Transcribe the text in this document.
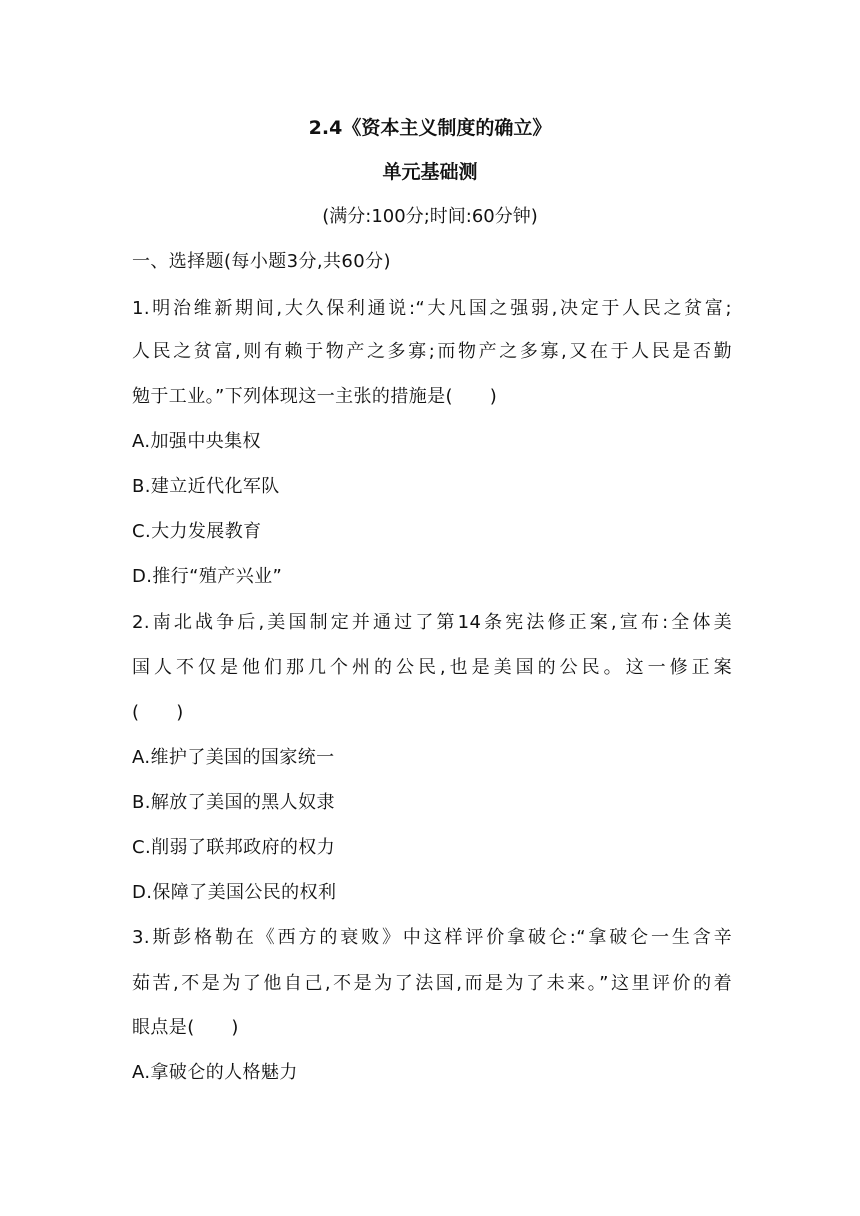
2.4《资本主义制度的确立》
单元基础测
(满分:100分;时间:60分钟)
一、选择题(每小题3分,共60分)
1.明治维新期间,大久保利通说:“大凡国之强弱,决定于人民之贫富;
人民之贫富,则有赖于物产之多寡;而物产之多寡,又在于人民是否勤
勉于工业。”下列体现这一主张的措施是(　　)
A.加强中央集权
B.建立近代化军队
C.大力发展教育
D.推行“殖产兴业”
2.南北战争后,美国制定并通过了第14条宪法修正案,宣布:全体美
国人不仅是他们那几个州的公民,也是美国的公民。这一修正案
(　　)
A.维护了美国的国家统一
B.解放了美国的黑人奴隶
C.削弱了联邦政府的权力
D.保障了美国公民的权利
3.斯彭格勒在《西方的衰败》中这样评价拿破仑:“拿破仑一生含辛
茹苦,不是为了他自己,不是为了法国,而是为了未来。”这里评价的着
眼点是(　　)
A.拿破仑的人格魅力
